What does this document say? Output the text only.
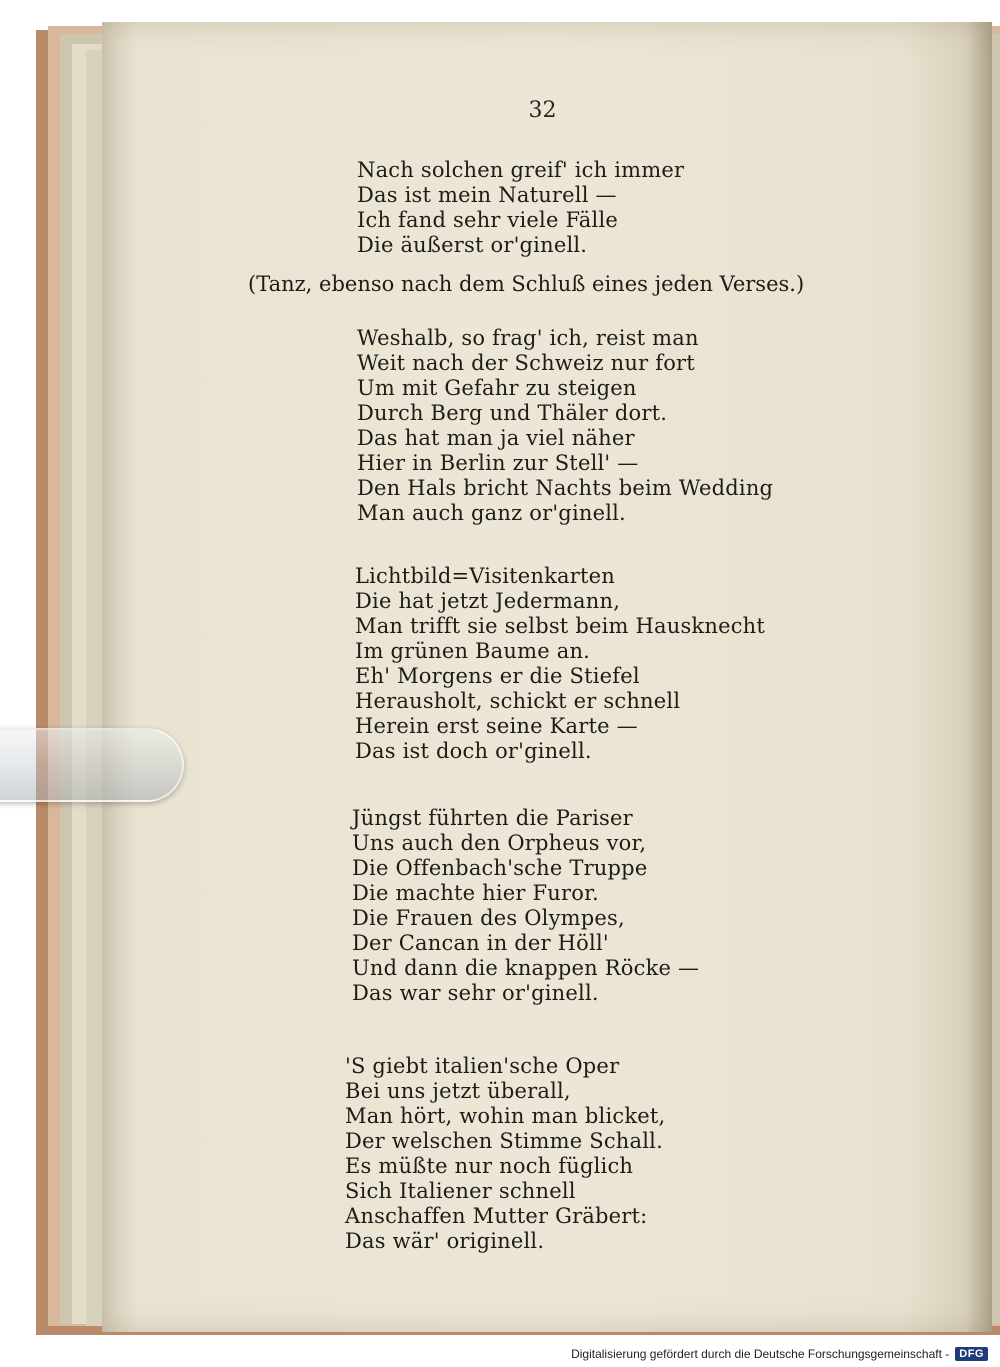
32
Nach solchen greif' ich immer
Das ist mein Naturell —
Ich fand sehr viele Fälle
Die äußerst or'ginell.
(Tanz, ebenso nach dem Schluß eines jeden Verses.)
Weshalb, so frag' ich, reist man
Weit nach der Schweiz nur fort
Um mit Gefahr zu steigen
Durch Berg und Thäler dort.
Das hat man ja viel näher
Hier in Berlin zur Stell' —
Den Hals bricht Nachts beim Wedding
Man auch ganz or'ginell.
Lichtbild=Visitenkarten
Die hat jetzt Jedermann,
Man trifft sie selbst beim Hausknecht
Im grünen Baume an.
Eh' Morgens er die Stiefel
Herausholt, schickt er schnell
Herein erst seine Karte —
Das ist doch or'ginell.
Jüngst führten die Pariser
Uns auch den Orpheus vor,
Die Offenbach'sche Truppe
Die machte hier Furor.
Die Frauen des Olympes,
Der Cancan in der Höll'
Und dann die knappen Röcke —
Das war sehr or'ginell.
'S giebt italien'sche Oper
Bei uns jetzt überall,
Man hört, wohin man blicket,
Der welschen Stimme Schall.
Es müßte nur noch füglich
Sich Italiener schnell
Anschaffen Mutter Gräbert:
Das wär' originell.
Digitalisierung gefördert durch die Deutsche Forschungsgemeinschaft - DFG
